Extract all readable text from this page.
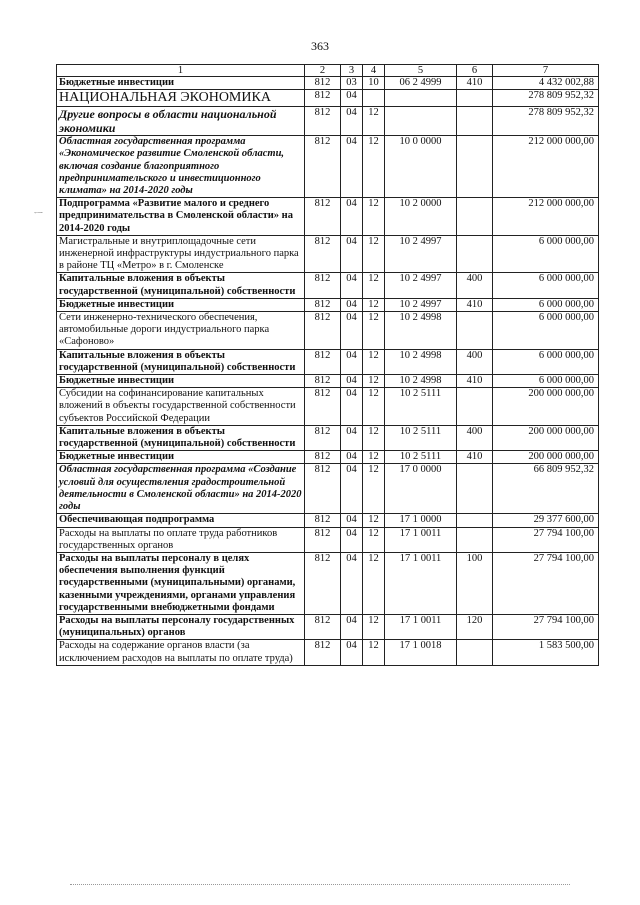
363
ᅳ
1	2	3	4	5	6	7
Бюджетные инвестиции	812	03	10	06 2 4999	410	4 432 002,88
НАЦИОНАЛЬНАЯ ЭКОНОМИКА	812	04				278 809 952,32
Другие вопросы в области национальной экономики	812	04	12			278 809 952,32
Областная государственная программа «Экономическое развитие Смоленской области, включая создание благоприятного предпринимательского и инвестиционного климата» на 2014-2020 годы	812	04	12	10 0 0000		212 000 000,00
Подпрограмма «Развитие малого и среднего предпринимательства в Смоленской области» на 2014-2020 годы	812	04	12	10 2 0000		212 000 000,00
Магистральные и внутриплощадочные сети инженерной инфраструктуры индустриального парка в районе ТЦ «Метро» в г. Смоленске	812	04	12	10 2 4997		6 000 000,00
Капитальные вложения в объекты государственной (муниципальной) собственности	812	04	12	10 2 4997	400	6 000 000,00
Бюджетные инвестиции	812	04	12	10 2 4997	410	6 000 000,00
Сети инженерно-технического обеспечения, автомобильные дороги индустриального парка «Сафоново»	812	04	12	10 2 4998		6 000 000,00
Капитальные вложения в объекты государственной (муниципальной) собственности	812	04	12	10 2 4998	400	6 000 000,00
Бюджетные инвестиции	812	04	12	10 2 4998	410	6 000 000,00
Субсидии на софинансирование капитальных вложений в объекты государственной собственности субъектов Российской Федерации	812	04	12	10 2 5111		200 000 000,00
Капитальные вложения в объекты государственной (муниципальной) собственности	812	04	12	10 2 5111	400	200 000 000,00
Бюджетные инвестиции	812	04	12	10 2 5111	410	200 000 000,00
Областная государственная программа «Создание условий для осуществления градостроительной деятельности в Смоленской области» на 2014-2020 годы	812	04	12	17 0 0000		66 809 952,32
Обеспечивающая подпрограмма	812	04	12	17 1 0000		29 377 600,00
Расходы на выплаты по оплате труда работников государственных органов	812	04	12	17 1 0011		27 794 100,00
Расходы на выплаты персоналу в целях обеспечения выполнения функций государственными (муниципальными) органами, казенными учреждениями, органами управления государственными внебюджетными фондами	812	04	12	17 1 0011	100	27 794 100,00
Расходы на выплаты персоналу государственных (муниципальных) органов	812	04	12	17 1 0011	120	27 794 100,00
Расходы на содержание органов власти (за исключением расходов на выплаты по оплате труда)	812	04	12	17 1 0018		1 583 500,00
